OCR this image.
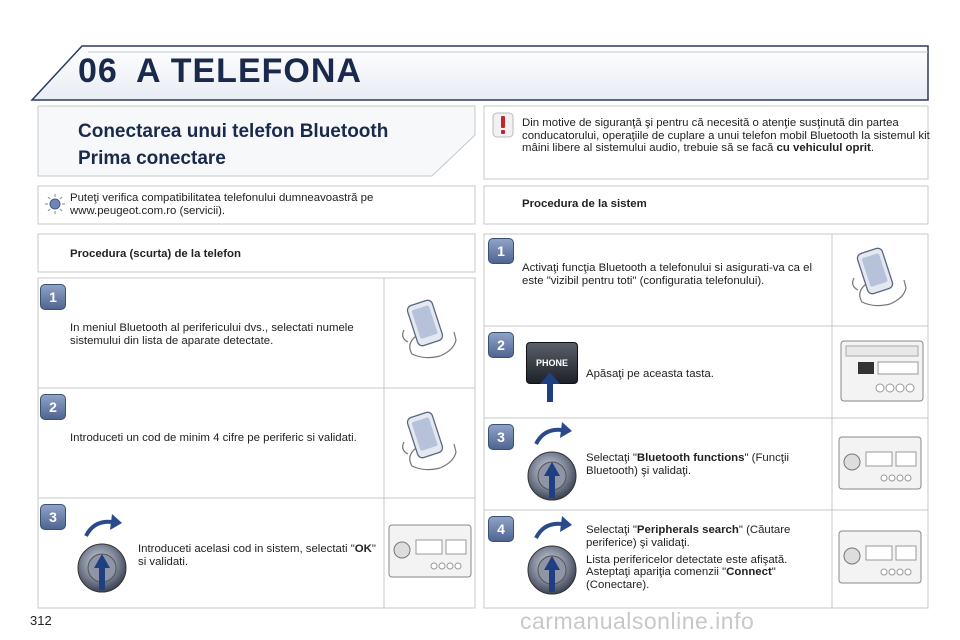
06 A TELEFONA
Conectarea unui telefon Bluetooth
Prima conectare
Din motive de siguranţă şi pentru că necesită o atenţie susţinută din partea conducatorului, operaţiile de cuplare a unui telefon mobil Bluetooth la sistemul kit mâini libere al sistemului audio, trebuie să se facă cu vehiculul oprit.
Puteţi verifica compatibilitatea telefonului dumneavoastră pe www.peugeot.com.ro (servicii).
Procedura (scurta) de la telefon
Procedura de la sistem
1
In meniul Bluetooth al perifericului dvs., selectati numele sistemului din lista de aparate detectate.
2
Introduceti un cod de minim 4 cifre pe periferic si validati.
3
Introduceti acelasi cod in sistem, selectati "OK" si validati.
1
Activaţi funcţia Bluetooth a telefonului si asigurati-va ca el este "vizibil pentru toti" (configuratia telefonului).
2
PHONE
Apăsaţi pe aceasta tasta.
3
Selectaţi "Bluetooth functions" (Funcţii Bluetooth) şi validaţi.
4	Selectaţi "Peripherals search" (Căutare periferice) şi validaţi.
Lista perifericelor detectate este afişată. Asteptaţi apariţia comenzii "Connect" (Conectare).
312	carmanualsonline.info
